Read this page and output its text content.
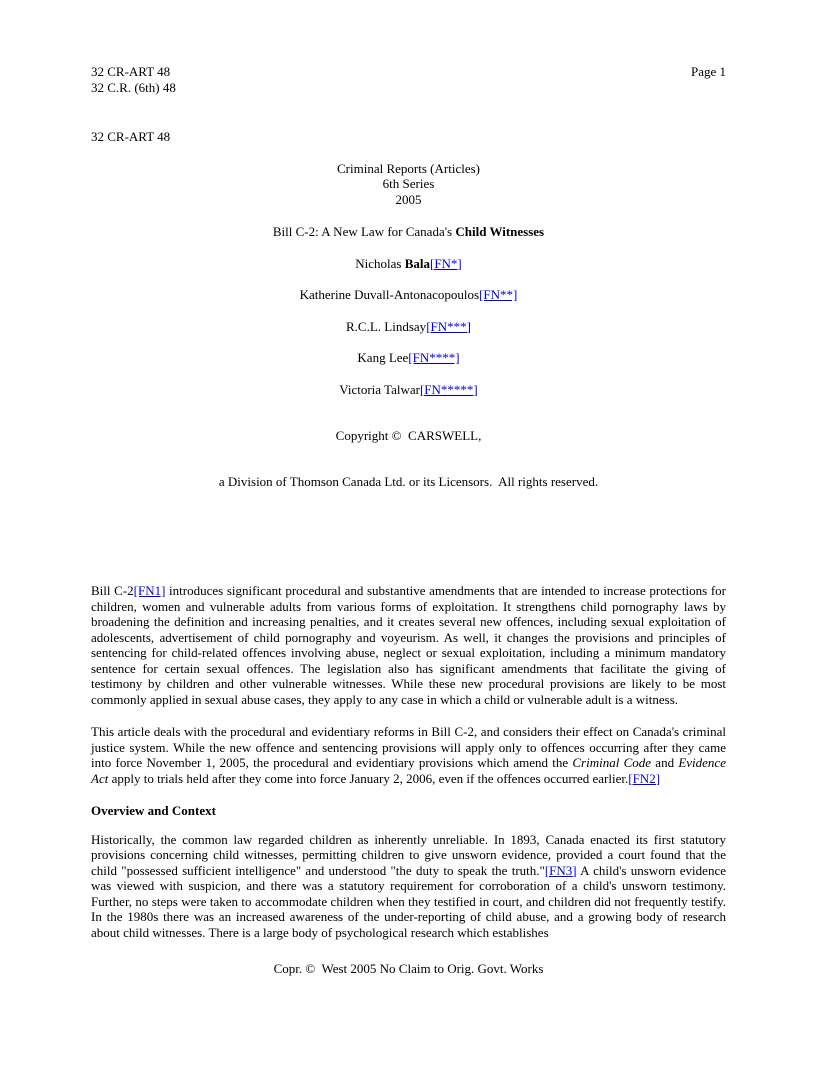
32 CR-ART 48
32 C.R. (6th) 48
Page 1

32 CR-ART 48

Criminal Reports (Articles)
6th Series
2005

Bill C-2: A New Law for Canada's Child Witnesses

Nicholas Bala[FN*]

Katherine Duvall-Antonacopoulos[FN**]

R.C.L. Lindsay[FN***]

Kang Lee[FN****]

Victoria Talwar[FN*****]

Copyright ©  CARSWELL,

a Division of Thomson Canada Ltd. or its Licensors.  All rights reserved.

Bill C-2[FN1] introduces significant procedural and substantive amendments that are intended to increase protections for children, women and vulnerable adults from various forms of exploitation. It strengthens child pornography laws by broadening the definition and increasing penalties, and it creates several new offences, including sexual exploitation of adolescents, advertisement of child pornography and voyeurism. As well, it changes the provisions and principles of sentencing for child-related offences involving abuse, neglect or sexual exploitation, including a minimum mandatory sentence for certain sexual offences. The legislation also has significant amendments that facilitate the giving of testimony by children and other vulnerable witnesses. While these new procedural provisions are likely to be most commonly applied in sexual abuse cases, they apply to any case in which a child or vulnerable adult is a witness.

This article deals with the procedural and evidentiary reforms in Bill C-2, and considers their effect on Canada's criminal justice system. While the new offence and sentencing provisions will apply only to offences occurring after they came into force November 1, 2005, the procedural and evidentiary provisions which amend the Criminal Code and Evidence Act apply to trials held after they come into force January 2, 2006, even if the offences occurred earlier.[FN2]

Overview and Context

Historically, the common law regarded children as inherently unreliable. In 1893, Canada enacted its first statutory provisions concerning child witnesses, permitting children to give unsworn evidence, provided a court found that the child "possessed sufficient intelligence" and understood "the duty to speak the truth."[FN3] A child's unsworn evidence was viewed with suspicion, and there was a statutory requirement for corroboration of a child's unsworn testimony. Further, no steps were taken to accommodate children when they testified in court, and children did not frequently testify. In the 1980s there was an increased awareness of the under-reporting of child abuse, and a growing body of research about child witnesses. There is a large body of psychological research which establishes

Copr. ©  West 2005 No Claim to Orig. Govt. Works
